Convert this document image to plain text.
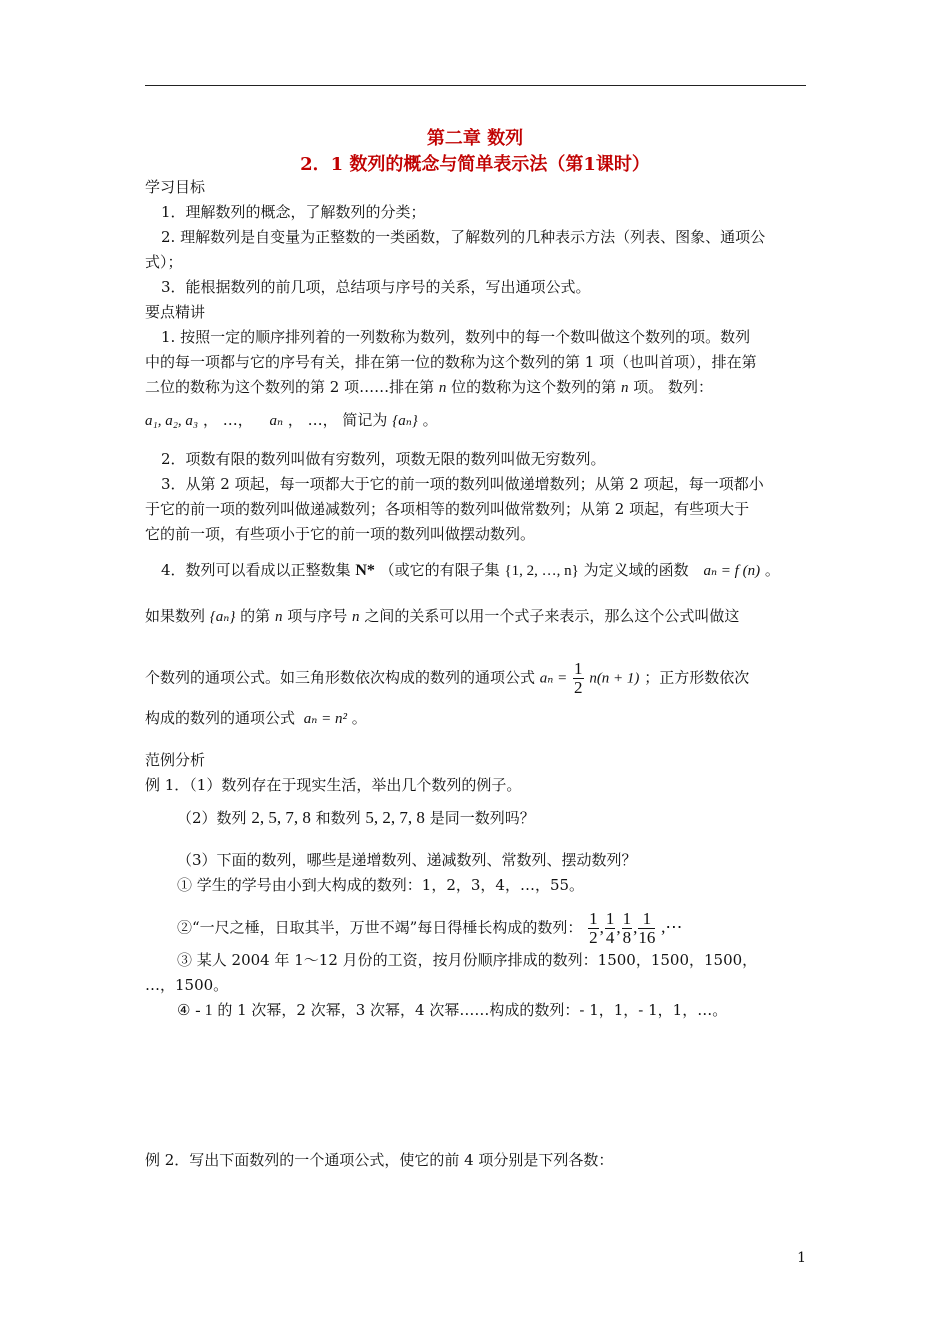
第二章 数列
2．1 数列的概念与简单表示法（第1课时）
学习目标
1．理解数列的概念，了解数列的分类；
2. 理解数列是自变量为正整数的一类函数，了解数列的几种表示方法（列表、图象、通项公
式）；
3．能根据数列的前几项，总结项与序号的关系，写出通项公式。
要点精讲
1. 按照一定的顺序排列着的一列数称为数列，数列中的每一个数叫做这个数列的项。数列
中的每一项都与它的序号有关，排在第一位的数称为这个数列的第 1 项（也叫首项），排在第
二位的数称为这个数列的第 2 项……排在第 n 位的数称为这个数列的第 n 项。 数列：
a₁, a₂, a₃ ， …， aₙ ， …， 简记为 {aₙ} 。
2．项数有限的数列叫做有穷数列，项数无限的数列叫做无穷数列。
3．从第 2 项起，每一项都大于它的前一项的数列叫做递增数列；从第 2 项起，每一项都小
于它的前一项的数列叫做递减数列；各项相等的数列叫做常数列；从第 2 项起，有些项大于
它的前一项，有些项小于它的前一项的数列叫做摆动数列。
4．数列可以看成以正整数集 N* （或它的有限子集 {1, 2, …, n} 为定义域的函数 aₙ = f (n) 。
如果数列 {aₙ} 的第 n 项与序号 n 之间的关系可以用一个式子来表示，那么这个公式叫做这
个数列的通项公式。如三角形数依次构成的数列的通项公式 $a_n = \frac{1}{2} n(n + 1)$ ；正方形数依次
构成的数列的通项公式 aₙ = n² 。
范例分析
例 1．（1）数列存在于现实生活，举出几个数列的例子。
（2）数列 2, 5, 7, 8 和数列 5, 2, 7, 8 是同一数列吗？
（3）下面的数列，哪些是递增数列、递减数列、常数列、摆动数列？
① 学生的学号由小到大构成的数列：1，2，3，4，…，55。
②“一尺之棰，日取其半，万世不竭”每日得棰长构成的数列： $\frac{1}{2}$ , $\frac{1}{4}$ , $\frac{1}{8}$ , $\frac{1}{16}$ ,⋯
③ 某人 2004 年 1～12 月份的工资，按月份顺序排成的数列：1500，1500，1500，
…，1500。
④ - 1 的 1 次幂，2 次幂，3 次幂，4 次幂……构成的数列：- 1，1，- 1，1，…。
例 2．写出下面数列的一个通项公式，使它的前 4 项分别是下列各数：
1
